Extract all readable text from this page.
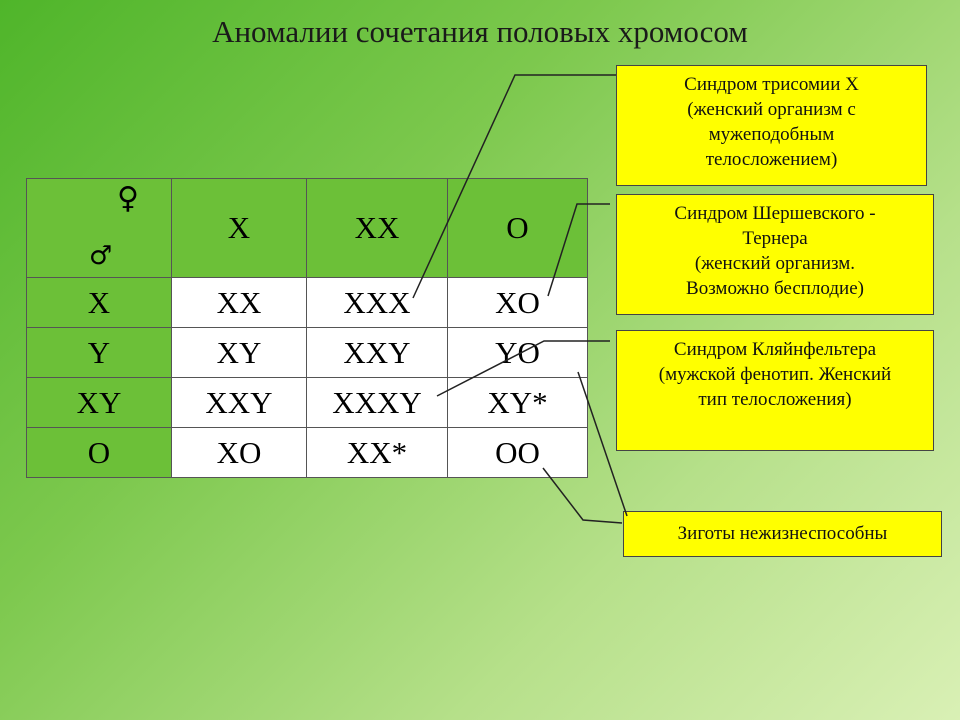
Аномалии сочетания половых хромосом
♀
♂	X	XX	O
X	XX	XXX	XO
Y	XY	XXY	YO
XY	XXY	XXXY	XY*
O	XO	XX*	OO
Синдром трисомии Х
(женский организм с
мужеподобным
телосложением)
Синдром Шершевского -
Тернера
(женский организм.
Возможно бесплодие)
Синдром Кляйнфельтера
(мужской фенотип. Женский
тип телосложения)
Зиготы нежизнеспособны
